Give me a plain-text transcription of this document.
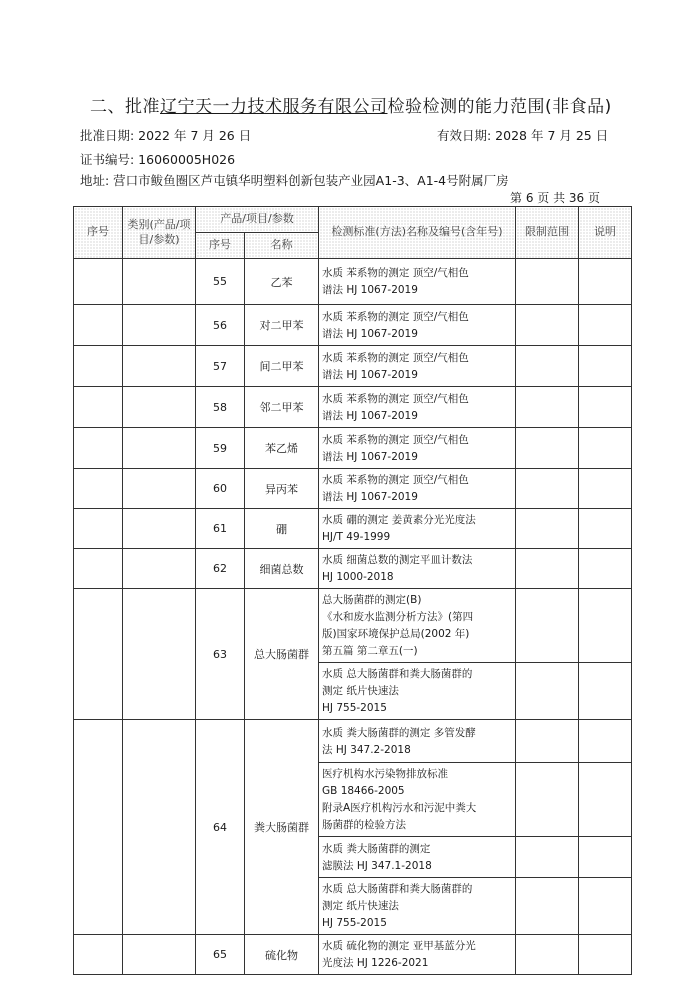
二、批准辽宁天一力技术服务有限公司检验检测的能力范围(非食品)
批准日期: 2022 年 7 月 26 日	有效日期: 2028 年 7 月 25 日
证书编号: 16060005H026
地址: 营口市鲅鱼圈区芦屯镇华明塑料创新包装产业园A1-3、A1-4号附属厂房
第 6 页 共 36 页
序号	类别(产品/项目/参数)	产品/项目/参数		检测标准(方法)名称及编号(含年号)	限制范围	说明
		序号	名称			
		55	乙苯	水质 苯系物的测定 顶空/气相色
谱法 HJ 1067-2019		
		56	对二甲苯	水质 苯系物的测定 顶空/气相色
谱法 HJ 1067-2019		
		57	间二甲苯	水质 苯系物的测定 顶空/气相色
谱法 HJ 1067-2019		
		58	邻二甲苯	水质 苯系物的测定 顶空/气相色
谱法 HJ 1067-2019		
		59	苯乙烯	水质 苯系物的测定 顶空/气相色
谱法 HJ 1067-2019		
		60	异丙苯	水质 苯系物的测定 顶空/气相色
谱法 HJ 1067-2019		
		61	硼	水质 硼的测定 姜黄素分光光度法
HJ/T 49-1999		
		62	细菌总数	水质 细菌总数的测定平皿计数法
HJ 1000-2018		
		63	总大肠菌群	总大肠菌群的测定(B)
《水和废水监测分析方法》(第四
版)国家环境保护总局(2002 年)
第五篇 第二章五(一)		
				水质 总大肠菌群和粪大肠菌群的
测定 纸片快速法
HJ 755-2015		
		64	粪大肠菌群	水质 粪大肠菌群的测定 多管发酵
法 HJ 347.2-2018		
				医疗机构水污染物排放标准
GB 18466-2005
附录A医疗机构污水和污泥中粪大
肠菌群的检验方法		
				水质 粪大肠菌群的测定
滤膜法 HJ 347.1-2018		
				水质 总大肠菌群和粪大肠菌群的
测定 纸片快速法
HJ 755-2015		
		65	硫化物	水质 硫化物的测定 亚甲基蓝分光
光度法 HJ 1226-2021		
